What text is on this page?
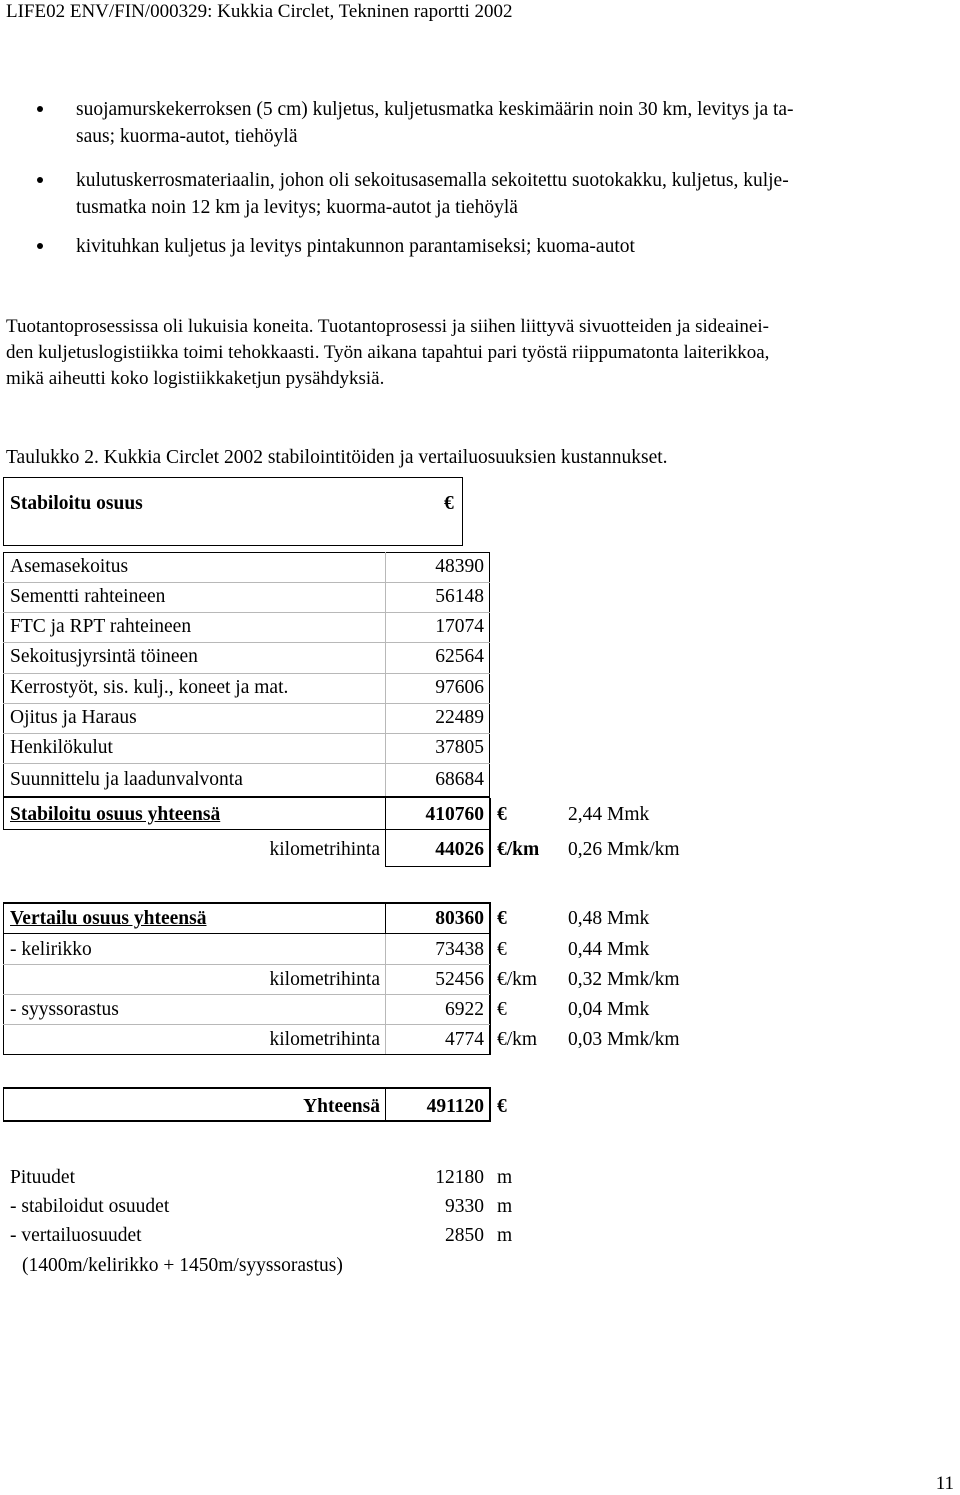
LIFE02 ENV/FIN/000329: Kukkia Circlet, Tekninen raportti 2002
suojamurskekerroksen (5 cm) kuljetus, kuljetusmatka keskimäärin noin 30 km, levitys ja ta-
saus; kuorma-autot, tiehöylä
kulutuskerrosmateriaalin, johon oli sekoitusasemalla sekoitettu suotokakku, kuljetus, kulje-
tusmatka noin 12 km ja levitys; kuorma-autot ja tiehöylä
kivituhkan kuljetus ja levitys pintakunnon parantamiseksi; kuoma-autot
Tuotantoprosessissa oli lukuisia koneita. Tuotantoprosessi ja siihen liittyvä sivuotteiden ja sideainei-
den kuljetuslogistiikka toimi tehokkaasti. Työn aikana tapahtui pari työstä riippumatonta laiterikkoa,
mikä aiheutti koko logistiikkaketjun pysähdyksiä.
Taulukko 2. Kukkia Circlet 2002 stabilointitöiden ja vertailuosuuksien kustannukset.
Stabiloitu osuus	€
Asemasekoitus	48390
Sementti rahteineen	56148
FTC ja RPT rahteineen	17074
Sekoitusjyrsintä töineen	62564
Kerrostyöt, sis. kulj., koneet ja mat.	97606
Ojitus ja Haraus	22489
Henkilökulut	37805
Suunnittelu ja laadunvalvonta	68684
Stabiloitu osuus yhteensä	410760 €	2,44 Mmk
kilometrihinta	44026 €/km 0,26 Mmk/km
Vertailu osuus yhteensä	80360 €	0,48 Mmk
- kelirikko	73438 €	0,44 Mmk
kilometrihinta	52456 €/km 0,32 Mmk/km
- syyssorastus	6922 €	0,04 Mmk
kilometrihinta	4774 €/km 0,03 Mmk/km
Yhteensä	491120 €
Pituudet	12180 m
- stabiloidut osuudet	9330 m
- vertailuosuudet	2850 m
(1400m/kelirikko + 1450m/syyssorastus)
11
